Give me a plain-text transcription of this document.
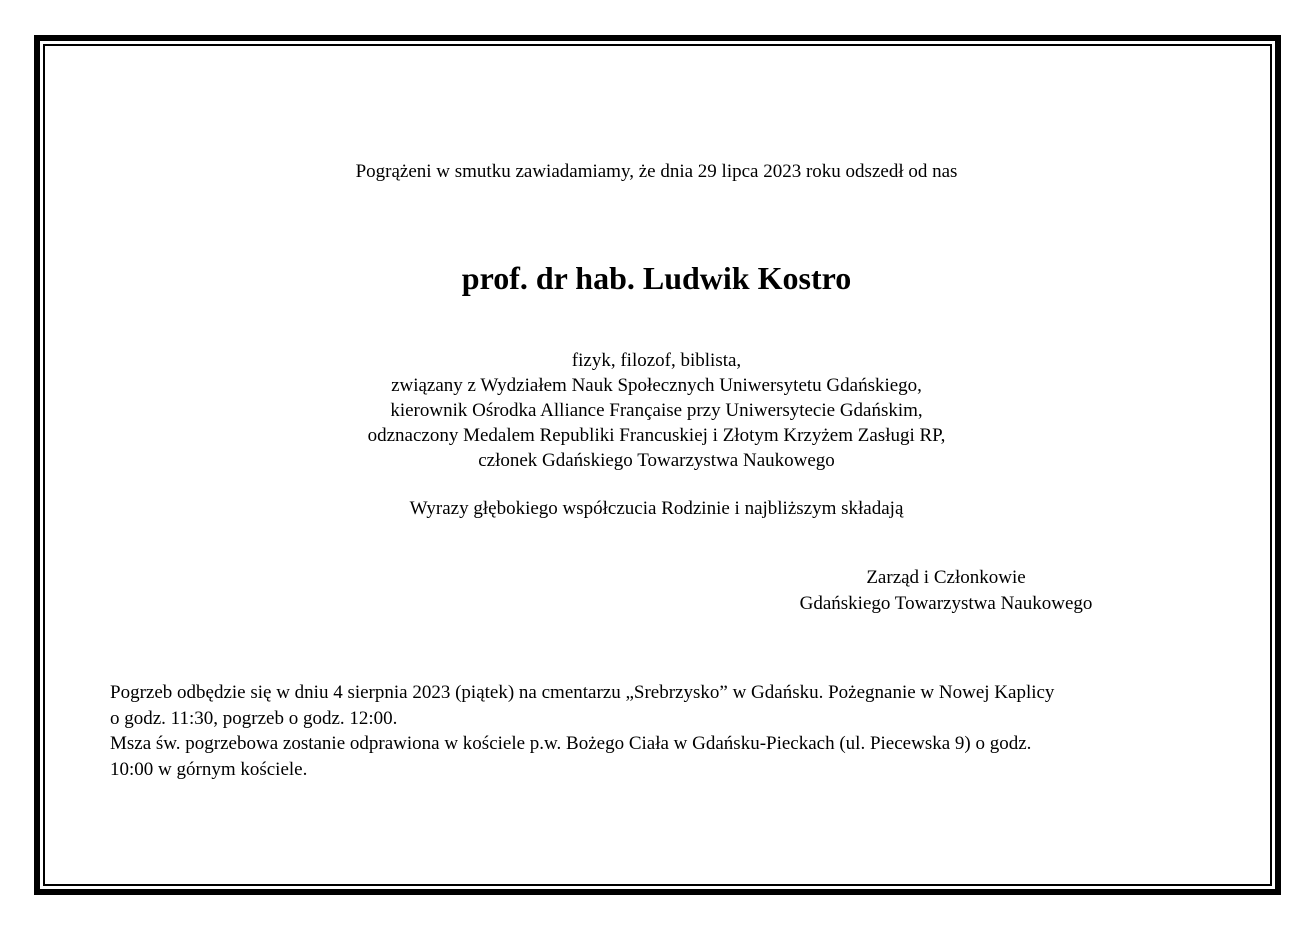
Pogrążeni w smutku zawiadamiamy, że dnia 29 lipca 2023 roku odszedł od nas
prof. dr hab. Ludwik Kostro
fizyk, filozof, biblista,
związany z Wydziałem Nauk Społecznych Uniwersytetu Gdańskiego,
kierownik Ośrodka Alliance Française przy Uniwersytecie Gdańskim,
odznaczony Medalem Republiki Francuskiej i Złotym Krzyżem Zasługi RP,
członek Gdańskiego Towarzystwa Naukowego
Wyrazy głębokiego współczucia Rodzinie i najbliższym składają
Zarząd i Członkowie
Gdańskiego Towarzystwa Naukowego
Pogrzeb odbędzie się w dniu 4 sierpnia 2023 (piątek) na cmentarzu „Srebrzysko” w Gdańsku. Pożegnanie w Nowej Kaplicy
o godz. 11:30, pogrzeb o godz. 12:00.
Msza św. pogrzebowa zostanie odprawiona w kościele p.w. Bożego Ciała w Gdańsku-Pieckach (ul. Piecewska 9) o godz.
10:00 w górnym kościele.
